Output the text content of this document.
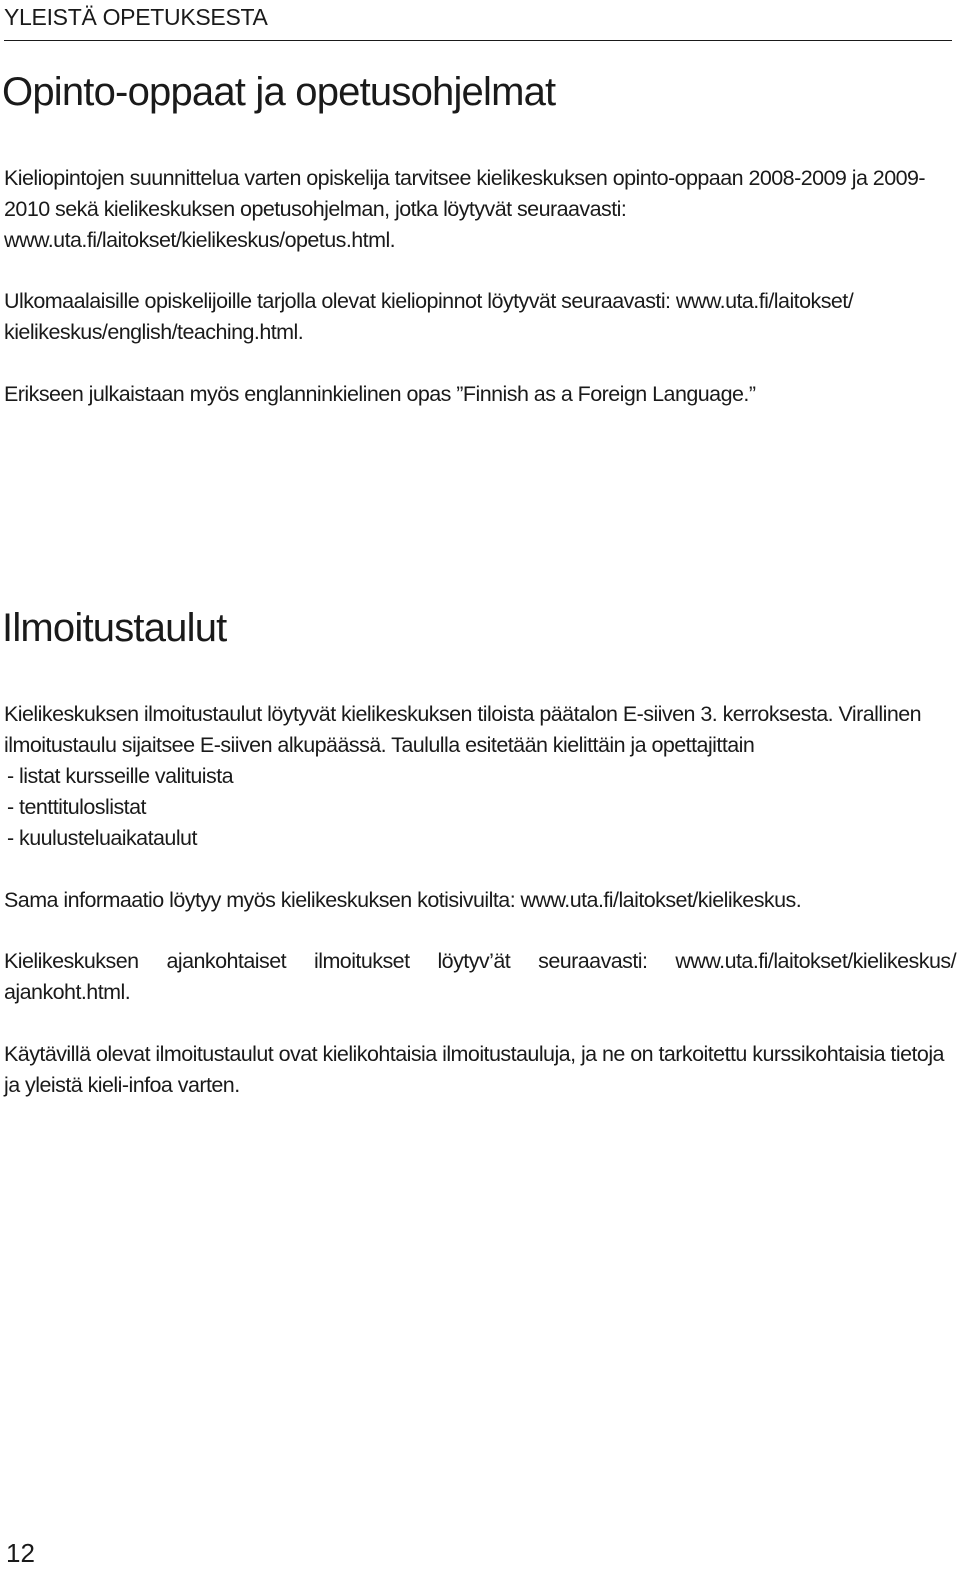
YLEISTÄ OPETUKSESTA
Opinto-oppaat ja opetusohjelmat

Kieliopintojen suunnittelua varten opiskelija tarvitsee kielikeskuksen opinto-oppaan 2008-2009 ja 2009-2010 sekä kielikeskuksen opetusohjelman, jotka löytyvät seuraavasti: www.uta.fi/laitokset/kielikeskus/opetus.html.

Ulkomaalaisille opiskelijoille tarjolla olevat kieliopinnot löytyvät seuraavasti: www.uta.fi/laitokset/ kielikeskus/english/teaching.html.

Erikseen julkaistaan myös englanninkielinen opas ”Finnish as a Foreign Language.”

Ilmoitustaulut

Kielikeskuksen ilmoitustaulut löytyvät kielikeskuksen tiloista päätalon E-siiven 3. kerroksesta. Virallinen ilmoitustaulu sijaitsee E-siiven alkupäässä. Taululla esitetään kielittäin ja opettajittain

- listat kursseille valituista
- tenttituloslistat
- kuulusteluaikataulut

Sama informaatio löytyy myös kielikeskuksen kotisivuilta: www.uta.fi/laitokset/kielikeskus.

Kielikeskuksen ajankohtaiset ilmoitukset löytyv’ät seuraavasti: www.uta.fi/laitokset/kielikeskus/ ajankoht.html.

Käytävillä olevat ilmoitustaulut ovat kielikohtaisia ilmoitustauluja, ja ne on tarkoitettu kurssikohtaisia tietoja ja yleistä kieli-infoa varten.

12
